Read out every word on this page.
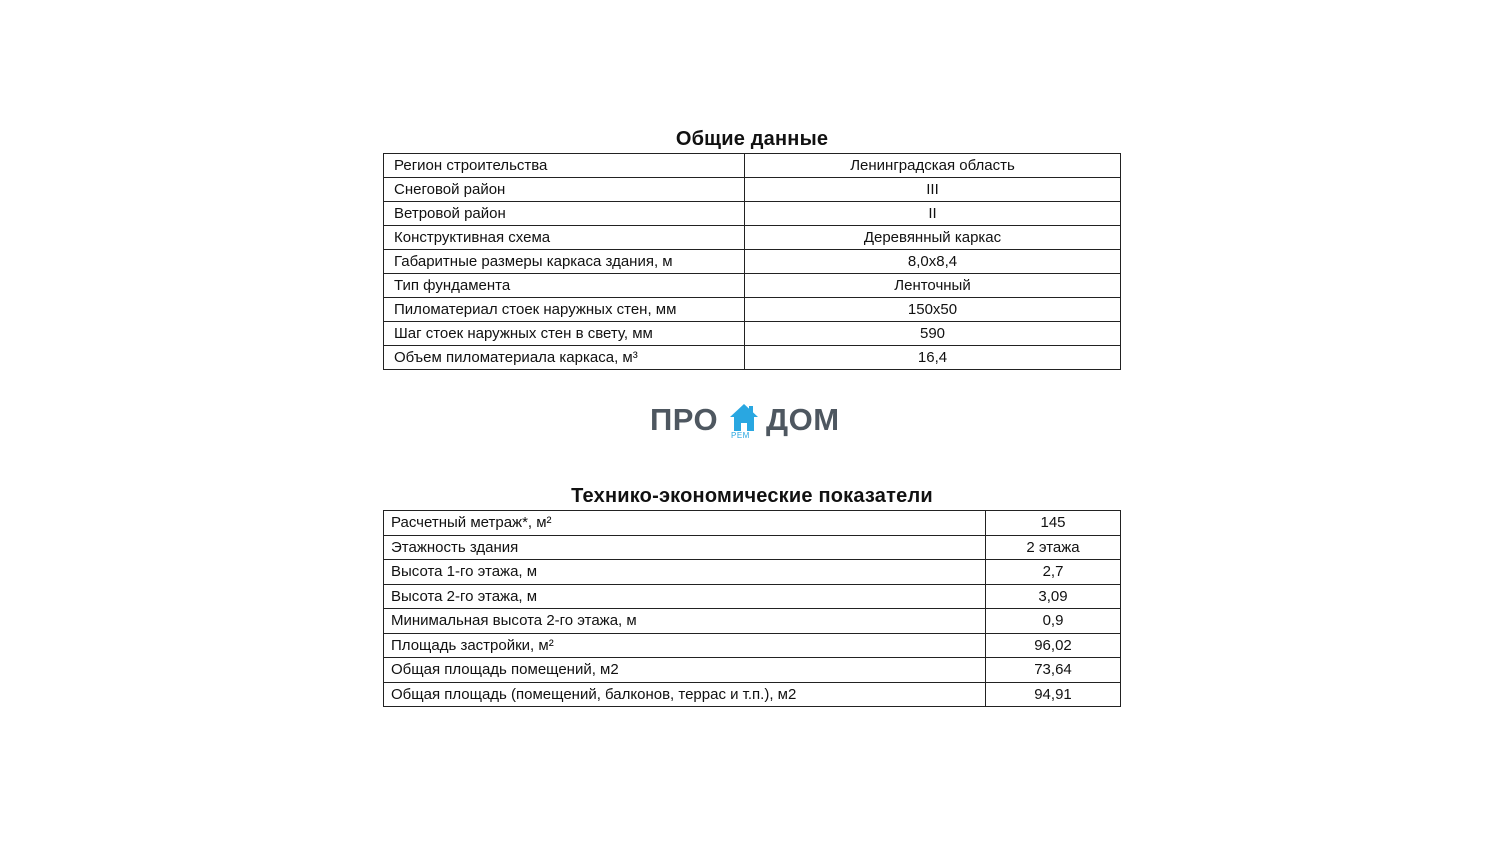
Общие данные
Регион строительства	Ленинградская область
Снеговой район	III
Ветровой район	II
Конструктивная схема	Деревянный каркас
Габаритные размеры каркаса здания, м	8,0х8,4
Тип фундамента	Ленточный
Пиломатериал стоек наружных стен, мм	150х50
Шаг стоек наружных стен в свету, мм	590
Объем пиломатериала каркаса, м³	16,4
ПРО РЕМ ДОМ
Технико-экономические показатели
Расчетный метраж*, м²	145
Этажность здания	2 этажа
Высота 1-го этажа, м	2,7
Высота 2-го этажа, м	3,09
Минимальная высота 2-го этажа, м	0,9
Площадь застройки, м²	96,02
Общая площадь помещений, м2	73,64
Общая площадь (помещений, балконов, террас и т.п.), м2	94,91
